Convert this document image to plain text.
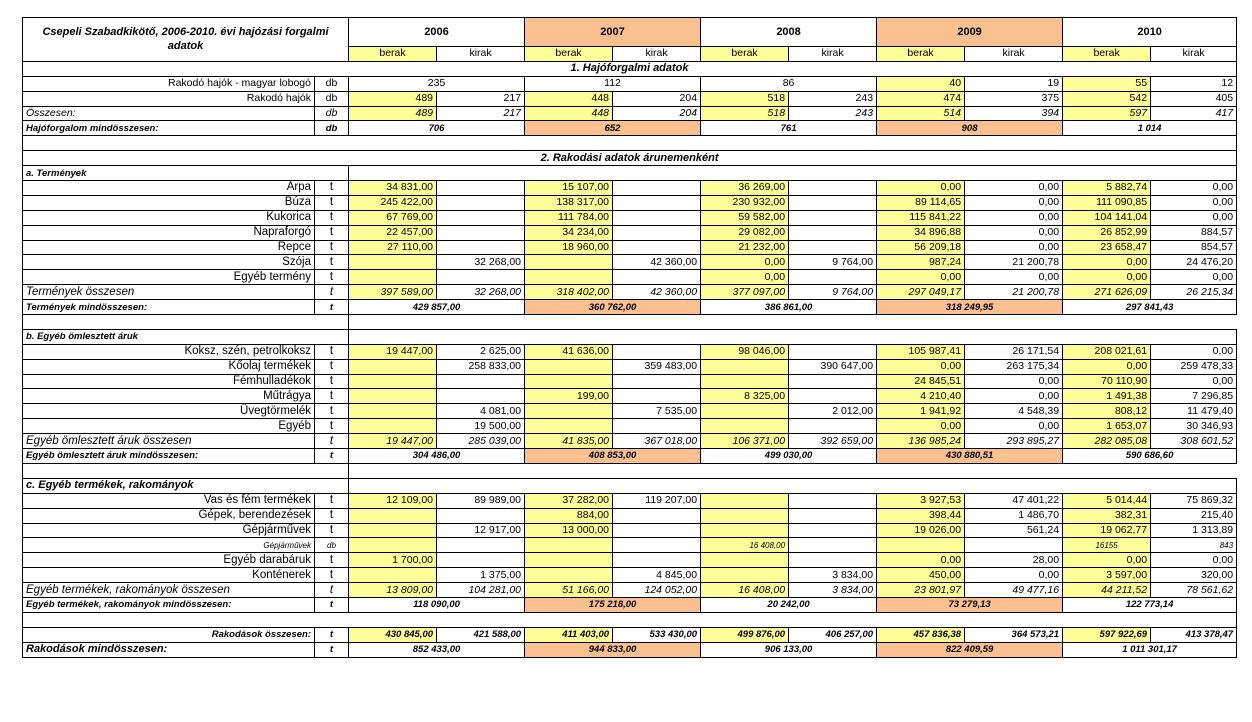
Csepeli Szabadkikötő, 2006-2010. évi hajózási forgalmi adatok		2006		2007		2008		2009		2010	
		berak	kirak	berak	kirak	berak	kirak	berak	kirak	berak	kirak
1. Hajóforgalmi adatok											
Rakodó hajók - magyar lobogó	db	235		112		86		40	19	55	12
Rakodó hajók	db	489	217	448	204	518	243	474	375	542	405
Összesen:	db	489	217	448	204	518	243	514	394	597	417
Hajóforgalom mindösszesen:	db	706		652		761		908		1 014	

2. Rakodási adatok árunemenként											
a. Termények											
Árpa	t	34 831,00		15 107,00		36 269,00		0,00	0,00	5 882,74	0,00
Búza	t	245 422,00		138 317,00		230 932,00		89 114,65	0,00	111 090,85	0,00
Kukorica	t	67 769,00		111 784,00		59 582,00		115 841,22	0,00	104 141,04	0,00
Napraforgó	t	22 457,00		34 234,00		29 082,00		34 896,88	0,00	26 852,99	884,57
Repce	t	27 110,00		18 960,00		21 232,00		56 209,18	0,00	23 658,47	854,57
Szója	t		32 268,00		42 360,00	0,00	9 764,00	987,24	21 200,78	0,00	24 476,20
Egyéb termény	t					0,00		0,00	0,00	0,00	0,00
Termények összesen	t	397 589,00	32 268,00	318 402,00	42 360,00	377 097,00	9 764,00	297 049,17	21 200,78	271 626,09	26 215,34
Termények mindösszesen:	t	429 857,00		360 762,00		386 861,00		318 249,95		297 841,43	

b. Egyéb ömlesztett áruk											
Koksz, szén, petrolkoksz	t	19 447,00	2 625,00	41 636,00		98 046,00		105 987,41	26 171,54	208 021,61	0,00
Kőolaj termékek	t		258 833,00		359 483,00		390 647,00	0,00	263 175,34	0,00	259 478,33
Fémhulladékok	t							24 845,51	0,00	70 110,90	0,00
Műtrágya	t			199,00		8 325,00		4 210,40	0,00	1 491,38	7 296,85
Üvegtörmelék	t		4 081,00		7 535,00		2 012,00	1 941,92	4 548,39	808,12	11 479,40
Egyéb	t		19 500,00					0,00	0,00	1 653,07	30 346,93
Egyéb ömlesztett áruk összesen	t	19 447,00	285 039,00	41 835,00	367 018,00	106 371,00	392 659,00	136 985,24	293 895,27	282 085,08	308 601,52
Egyéb ömlesztett áruk mindösszesen:	t	304 486,00		408 853,00		499 030,00		430 880,51		590 686,60	

c. Egyéb termékek, rakományok											
Vas és fém termékek	t	12 109,00	89 989,00	37 282,00	119 207,00			3 927,53	47 401,22	5 014,44	75 869,32
Gépek, berendezések	t			884,00				398,44	1 486,70	382,31	215,40
Gépjárművek	t		12 917,00	13 000,00				19 026,00	561,24	19 062,77	1 313,89
Gépjárművek	db					16 408,00				16155	843
Egyéb darabáruk	t	1 700,00						0,00	28,00	0,00	0,00
Konténerek	t		1 375,00		4 845,00		3 834,00	450,00	0,00	3 597,00	320,00
Egyéb termékek, rakományok összesen	t	13 809,00	104 281,00	51 166,00	124 052,00	16 408,00	3 834,00	23 801,97	49 477,16	44 211,52	78 561,62
Egyéb termékek, rakományok mindösszesen:	t	118 090,00		175 218,00		20 242,00		73 279,13		122 773,14	

Rakodások összesen:	t	430 845,00	421 588,00	411 403,00	533 430,00	499 876,00	406 257,00	457 836,38	364 573,21	597 922,69	413 378,47
Rakodások mindösszesen:	t	852 433,00		944 833,00		906 133,00		822 409,59		1 011 301,17	
